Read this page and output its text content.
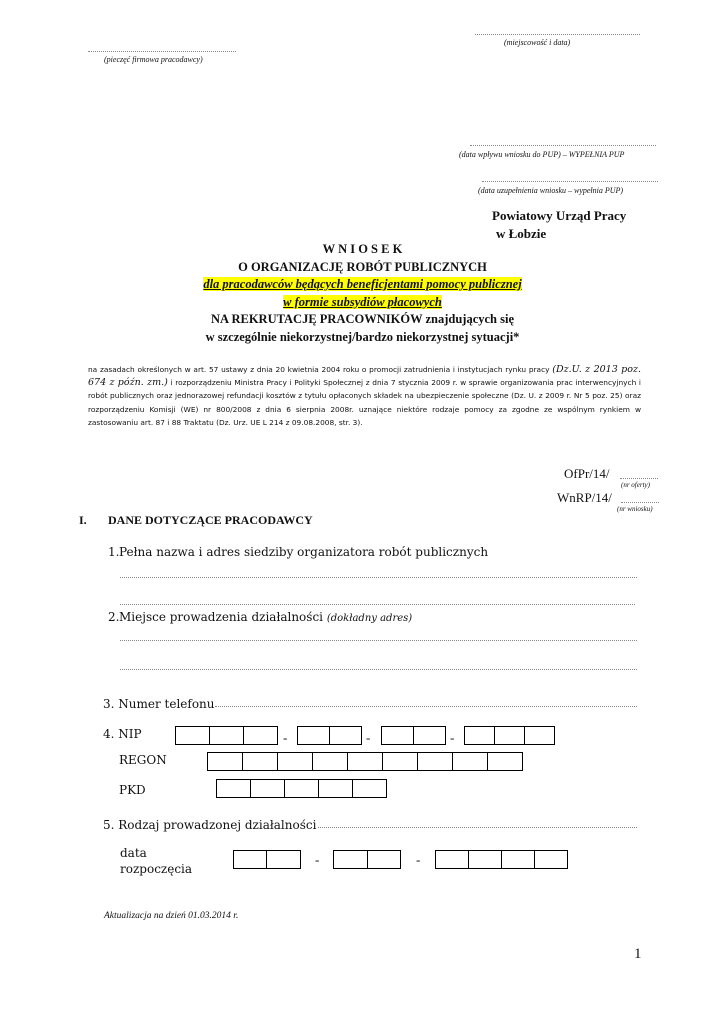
(miejscowość i data)
(pieczęć firmowa pracodawcy)
(data wpływu wniosku do PUP) – WYPEŁNIA PUP
(data uzupełnienia wniosku – wypełnia PUP)
Powiatowy Urząd Pracy
w Łobzie
W N I O S E K
O ORGANIZACJĘ ROBÓT PUBLICZNYCH
dla pracodawców będących beneficjentami pomocy publicznej
w formie subsydiów płacowych
NA REKRUTACJĘ PRACOWNIKÓW znajdujących się
w szczególnie niekorzystnej/bardzo niekorzystnej sytuacji*
na zasadach określonych w art. 57 ustawy z dnia 20 kwietnia 2004 roku o promocji zatrudnienia i instytucjach rynku pracy (Dz.U. z 2013 poz. 674 z późn. zm.) i rozporządzeniu Ministra Pracy i Polityki Społecznej z dnia 7 stycznia 2009 r. w sprawie organizowania prac interwencyjnych i robót publicznych oraz jednorazowej refundacji kosztów z tytułu opłaconych składek na ubezpieczenie społeczne (Dz. U. z 2009 r. Nr 5 poz. 25) oraz rozporządzeniu Komisji (WE) nr 800/2008 z dnia 6 sierpnia 2008r. uznające niektóre rodzaje pomocy za zgodne ze wspólnym rynkiem w zastosowaniu art. 87 i 88 Traktatu (Dz. Urz. UE L 214 z 09.08.2008, str. 3).
OfPr/14/
(nr oferty)
WnRP/14/
(nr wniosku)
I. DANE DOTYCZĄCE PRACODAWCY
1. Pełna nazwa i adres siedziby organizatora robót publicznych
2. Miejsce prowadzenia działalności (dokładny adres)
3. Numer telefonu
4. NIP	-	-	-
REGON
PKD
5. Rodzaj prowadzonej działalności
data
rozpoczęcia
-	-
Aktualizacja na dzień 01.03.2014 r.
1
